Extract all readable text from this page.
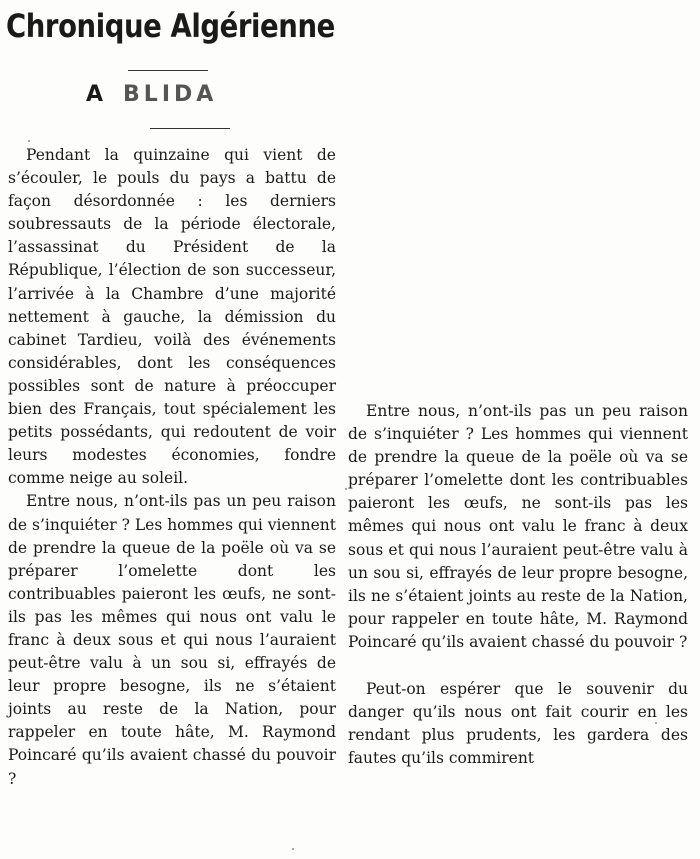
Chronique Algérienne
A BLIDA

Pendant la quinzaine qui vient de s’écouler, le pouls du pays a battu de façon désordonnée : les derniers soubressauts de la période électorale, l’assassinat du Président de la République, l’élection de son successeur, l’arrivée à la Chambre d’une majorité nettement à gauche, la démission du cabinet Tardieu, voilà des événements considérables, dont les conséquences possibles sont de nature à préoccuper bien des Français, tout spécialement les petits possédants, qui redoutent de voir leurs modestes économies, fondre comme neige au soleil.

Entre nous, n’ont-ils pas un peu raison de s’inquiéter ? Les hommes qui viennent de prendre la queue de la poële où va se préparer l’omelette dont les contribuables paieront les œufs, ne sont-ils pas les mêmes qui nous ont valu le franc à deux sous et qui nous l’auraient peut-être valu à un sou si, effrayés de leur propre besogne, ils ne s’étaient joints au reste de la Nation, pour rappeler en toute hâte, M. Raymond Poincaré qu’ils avaient chassé du pouvoir ?

Entre nous, n’ont-ils pas un peu raison de s’inquiéter ? Les hommes qui viennent de prendre la queue de la poële où va se préparer l’omelette dont les contribuables paieront les œufs, ne sont-ils pas les mêmes qui nous ont valu le franc à deux sous et qui nous l’auraient peut-être valu à un sou si, effrayés de leur propre besogne, ils ne s’étaient joints au reste de la Nation, pour rappeler en toute hâte, M. Raymond Poincaré qu’ils avaient chassé du pouvoir ?

Peut-on espérer que le souvenir du danger qu’ils nous ont fait courir en les rendant plus prudents, les gardera des fautes qu’ils commirent
